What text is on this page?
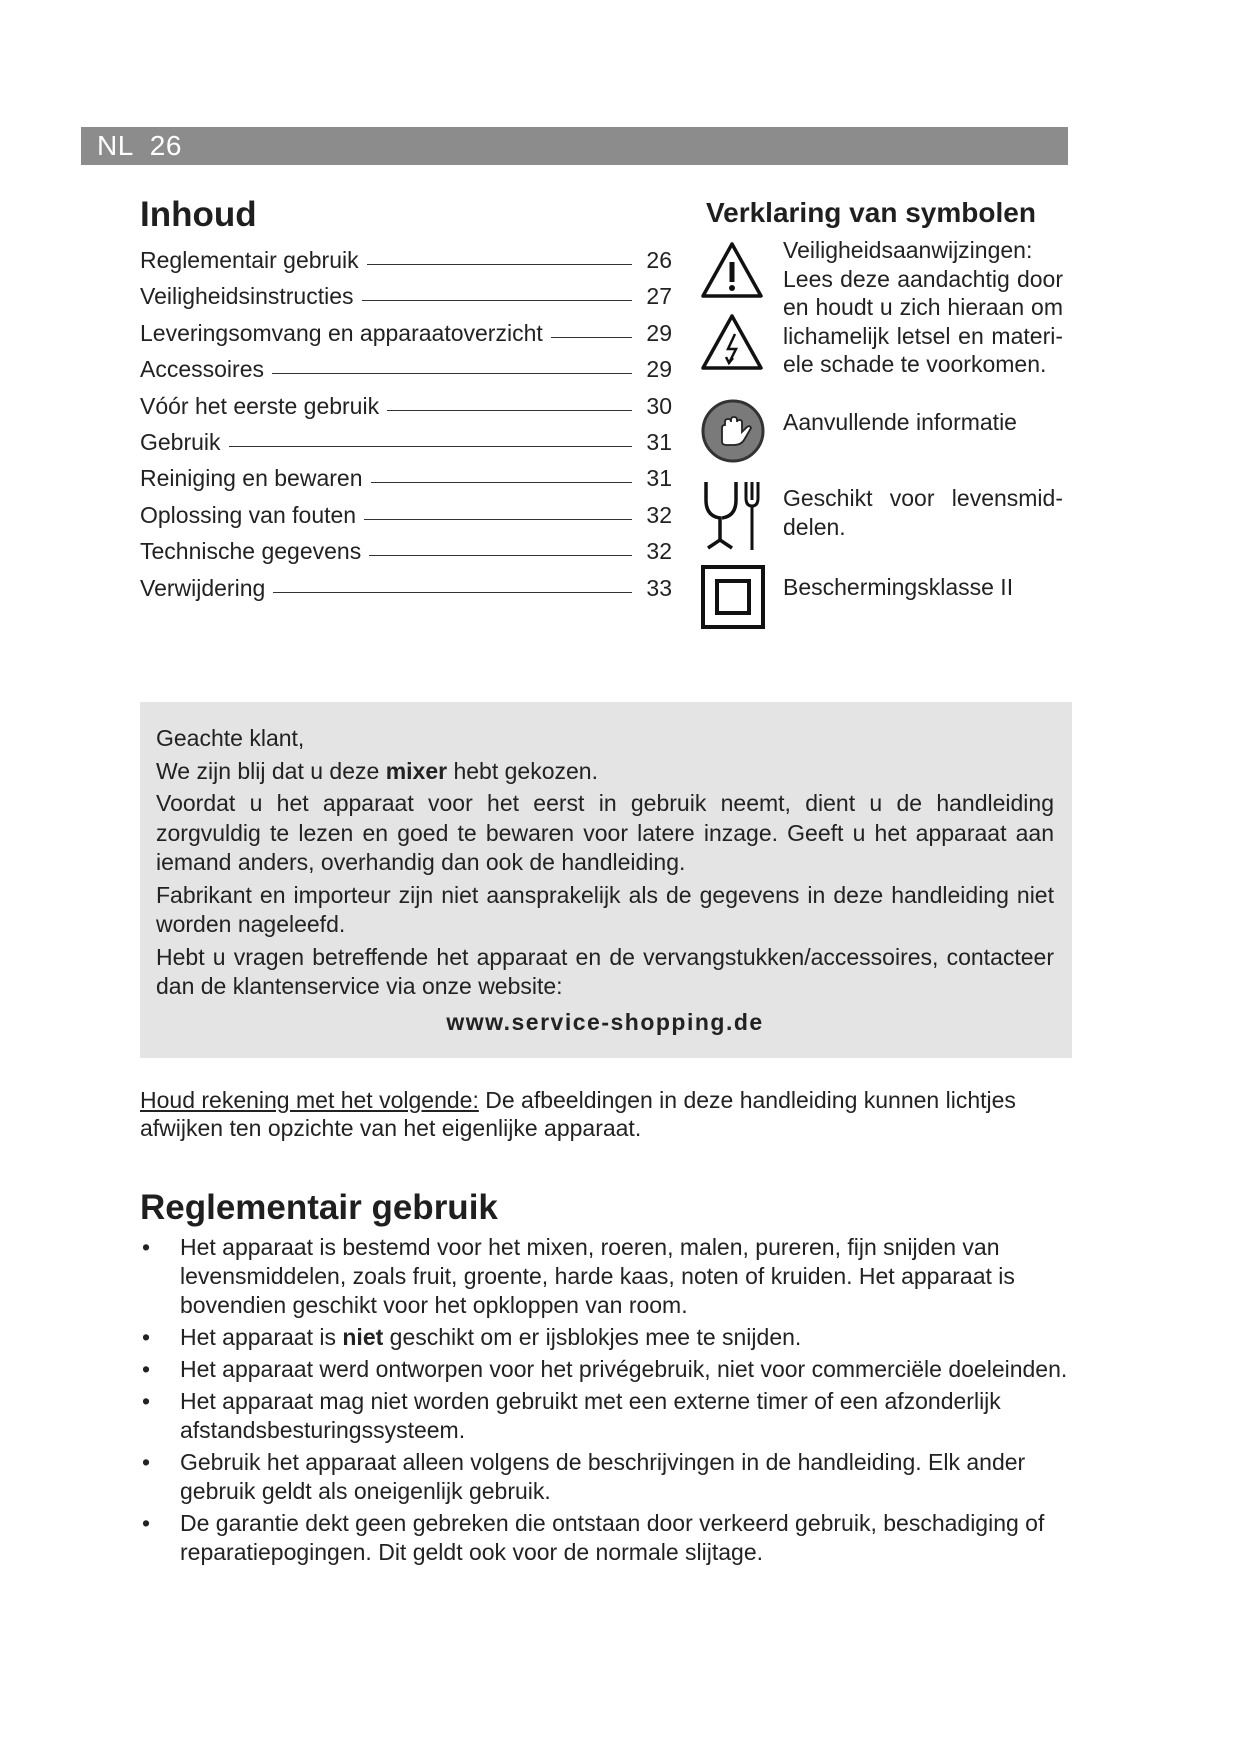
NL 26
Inhoud
Reglementair gebruik	26
Veiligheidsinstructies	27
Leveringsomvang en apparaatoverzicht	29
Accessoires	29
Vóór het eerste gebruik	30
Gebruik	31
Reiniging en bewaren	31
Oplossing van fouten	32
Technische gegevens	32
Verwijdering	33
Verklaring van symbolen

Veiligheidsaanwijzingen:

Lees deze aandachtig door

en houdt u zich hieraan om

lichamelijk letsel en materi-

ele schade te voorkomen.

Aanvullende informatie

Geschikt voor levensmid-

delen.

Beschermingsklasse II

Geachte klant,

We zijn blij dat u deze mixer hebt gekozen.

Voordat u het apparaat voor het eerst in gebruik neemt, dient u de handleiding zorgvuldig te lezen en goed te bewaren voor latere inzage. Geeft u het apparaat aan iemand anders, overhandig dan ook de handleiding.

Fabrikant en importeur zijn niet aansprakelijk als de gegevens in deze handleiding niet worden nageleefd.

Hebt u vragen betreffende het apparaat en de vervangstukken/accessoires, contacteer dan de klantenservice via onze website:

www.service-shopping.de

Houd rekening met het volgende: De afbeeldingen in deze handleiding kunnen lichtjes afwijken ten opzichte van het eigenlijke apparaat.

Reglementair gebruik
• Het apparaat is bestemd voor het mixen, roeren, malen, pureren, fijn snijden van levensmiddelen, zoals fruit, groente, harde kaas, noten of kruiden. Het apparaat is bovendien geschikt voor het opkloppen van room.
• Het apparaat is niet geschikt om er ijsblokjes mee te snijden.
• Het apparaat werd ontworpen voor het privégebruik, niet voor commerciële doeleinden.
• Het apparaat mag niet worden gebruikt met een externe timer of een afzonderlijk afstandsbesturingssysteem.
• Gebruik het apparaat alleen volgens de beschrijvingen in de handleiding. Elk ander gebruik geldt als oneigenlijk gebruik.
• De garantie dekt geen gebreken die ontstaan door verkeerd gebruik, beschadiging of reparatiepogingen. Dit geldt ook voor de normale slijtage.
